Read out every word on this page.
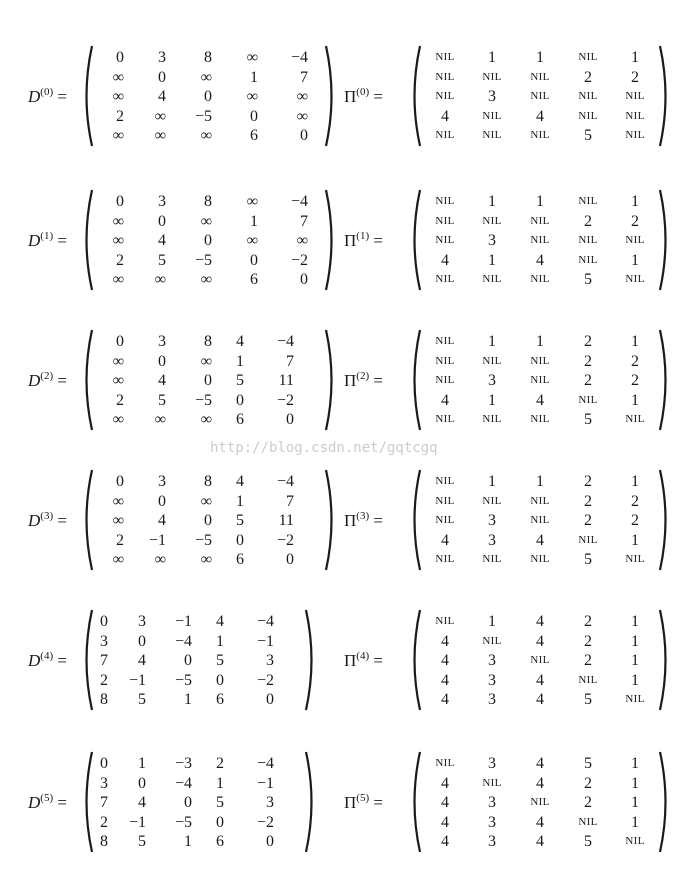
$D^{(0)}$ =
0	3	8	∞	−4
∞	0	∞	1	7
∞	4	0	∞	∞
2	∞	−5	0	∞
∞	∞	∞	6	0
$\Pi^{(0)}$ =
NIL	1	1	NIL	1
NIL	NIL	NIL	2	2
NIL	3	NIL	NIL	NIL
4	NIL	4	NIL	NIL
NIL	NIL	NIL	5	NIL
$D^{(1)}$ =
0	3	8	∞	−4
∞	0	∞	1	7
∞	4	0	∞	∞
2	5	−5	0	−2
∞	∞	∞	6	0
$\Pi^{(1)}$ =
NIL	1	1	NIL	1
NIL	NIL	NIL	2	2
NIL	3	NIL	NIL	NIL
4	1	4	NIL	1
NIL	NIL	NIL	5	NIL
$D^{(2)}$ =
0	3	8	4	−4
∞	0	∞	1	7
∞	4	0	5	11
2	5	−5	0	−2
∞	∞	∞	6	0
$\Pi^{(2)}$ =
NIL	1	1	2	1
NIL	NIL	NIL	2	2
NIL	3	NIL	2	2
4	1	4	NIL	1
NIL	NIL	NIL	5	NIL
$D^{(3)}$ =
0	3	8	4	−4
∞	0	∞	1	7
∞	4	0	5	11
2	−1	−5	0	−2
∞	∞	∞	6	0
$\Pi^{(3)}$ =
NIL	1	1	2	1
NIL	NIL	NIL	2	2
NIL	3	NIL	2	2
4	3	4	NIL	1
NIL	NIL	NIL	5	NIL
$D^{(4)}$ =
0	3	−1	4	−4
3	0	−4	1	−1
7	4	0	5	3
2	−1	−5	0	−2
8	5	1	6	0
$\Pi^{(4)}$ =
NIL	1	4	2	1
4	NIL	4	2	1
4	3	NIL	2	1
4	3	4	NIL	1
4	3	4	5	NIL
$D^{(5)}$ =
0	1	−3	2	−4
3	0	−4	1	−1
7	4	0	5	3
2	−1	−5	0	−2
8	5	1	6	0
$\Pi^{(5)}$ =
NIL	3	4	5	1
4	NIL	4	2	1
4	3	NIL	2	1
4	3	4	NIL	1
4	3	4	5	NIL
http://blog.csdn.net/gqtcgq
